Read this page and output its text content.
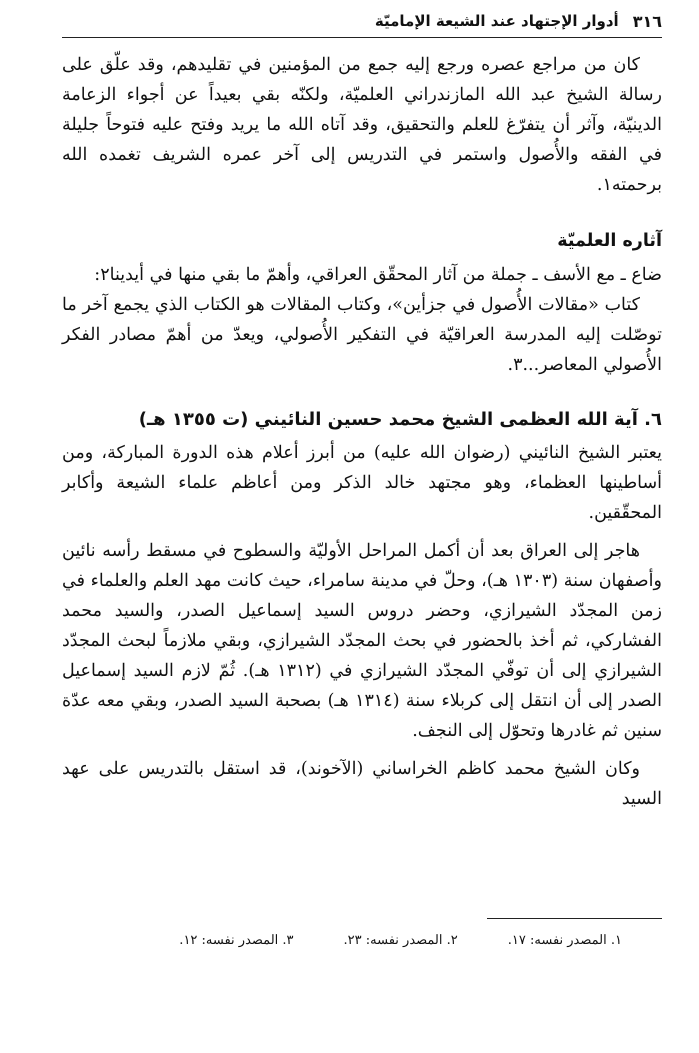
٣١٦
أدوار الإجتهاد عند الشيعة الإماميّة

كان من مراجع عصره ورجع إليه جمع من المؤمنين في تقليدهم، وقد علّق على رسالة الشيخ عبد الله المازندراني العلميّة، ولكنّه بقي بعيداً عن أجواء الزعامة الدينيّة، وآثر أن يتفرّغ للعلم والتحقيق، وقد آتاه الله ما يريد وفتح عليه فتوحاً جليلة في الفقه والأُصول واستمر في التدريس إلى آخر عمره الشريف تغمده الله برحمته١.

آثاره العلميّة

ضاع ـ مع الأسف ـ جملة من آثار المحقّق العراقي، وأهمّ ما بقي منها في أيدينا٢:

كتاب «مقالات الأُصول في جزأين»، وكتاب المقالات هو الكتاب الذي يجمع آخر ما توصّلت إليه المدرسة العراقيّة في التفكير الأُصولي، ويعدّ من أهمّ مصادر الفكر الأُصولي المعاصر...٣.

٦. آية الله العظمى الشيخ محمد حسين النائيني (ت ١٣٥٥ هـ)

يعتبر الشيخ النائيني (رضوان الله عليه) من أبرز أعلام هذه الدورة المباركة، ومن أساطينها العظماء، وهو مجتهد خالد الذكر ومن أعاظم علماء الشيعة وأكابر المحقّقين.

هاجر إلى العراق بعد أن أكمل المراحل الأوليّة والسطوح في مسقط رأسه نائين وأصفهان سنة (١٣٠٣ هـ)، وحلّ في مدينة سامراء، حيث كانت مهد العلم والعلماء في زمن المجدّد الشيرازي، وحضر دروس السيد إسماعيل الصدر، والسيد محمد الفشاركي، ثم أخذ بالحضور في بحث المجدّد الشيرازي، وبقي ملازماً لبحث المجدّد الشيرازي إلى أن توفّي المجدّد الشيرازي في (١٣١٢ هـ). ثُمّ لازم السيد إسماعيل الصدر إلى أن انتقل إلى كربلاء سنة (١٣١٤ هـ) بصحبة السيد الصدر، وبقي معه عدّة سنين ثم غادرها وتحوّل إلى النجف.

وكان الشيخ محمد كاظم الخراساني (الآخوند)، قد استقل بالتدريس على عهد السيد

١. المصدر نفسه: ١٧.
٢. المصدر نفسه: ٢٣.
٣. المصدر نفسه: ١٢.
